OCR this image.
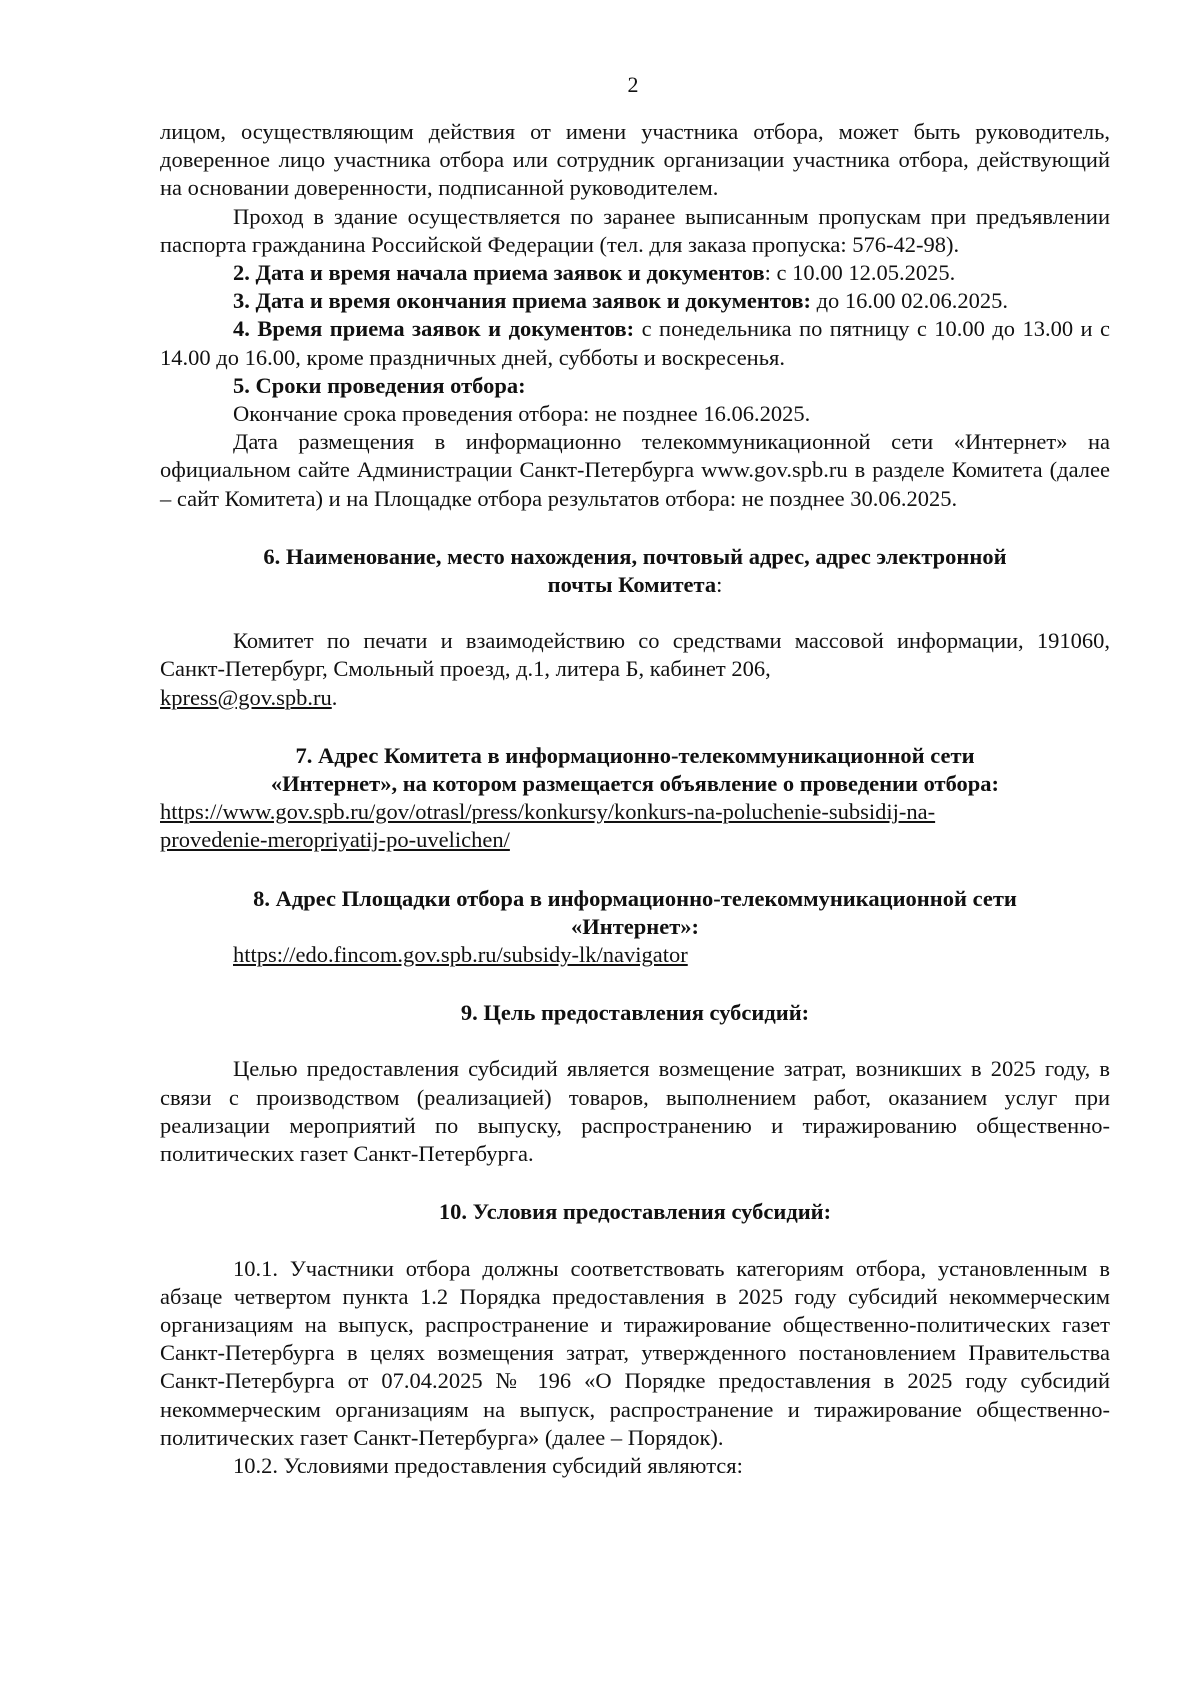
2

лицом, осуществляющим действия от имени участника отбора, может быть руководитель, доверенное лицо участника отбора или сотрудник организации участника отбора, действующий на основании доверенности, подписанной руководителем.

Проход в здание осуществляется по заранее выписанным пропускам при предъявлении паспорта гражданина Российской Федерации (тел. для заказа пропуска: 576-42-98).

2. Дата и время начала приема заявок и документов: с 10.00 12.05.2025.

3. Дата и время окончания приема заявок и документов: до 16.00 02.06.2025.

4. Время приема заявок и документов: с понедельника по пятницу с 10.00 до 13.00 и с 14.00 до 16.00, кроме праздничных дней, субботы и воскресенья.

5. Сроки проведения отбора:

Окончание срока проведения отбора: не позднее 16.06.2025.

Дата размещения в информационно телекоммуникационной сети «Интернет» на официальном сайте Администрации Санкт-Петербурга www.gov.spb.ru в разделе Комитета (далее – сайт Комитета) и на Площадке отбора результатов отбора: не позднее 30.06.2025.

6. Наименование, место нахождения, почтовый адрес, адрес электронной
почты Комитета:

Комитет по печати и взаимодействию со средствами массовой информации, 191060, Санкт-Петербург, Смольный проезд, д.1, литера Б, кабинет 206,
kpress@gov.spb.ru.

7. Адрес Комитета в информационно-телекоммуникационной сети
«Интернет», на котором размещается объявление о проведении отбора:

https://www.gov.spb.ru/gov/otrasl/press/konkursy/konkurs-na-poluchenie-subsidij-na-
provedenie-meropriyatij-po-uvelichen/

8. Адрес Площадки отбора в информационно-телекоммуникационной сети
«Интернет»:

https://edo.fincom.gov.spb.ru/subsidy-lk/navigator

9. Цель предоставления субсидий:

Целью предоставления субсидий является возмещение затрат, возникших в 2025 году, в связи с производством (реализацией) товаров, выполнением работ, оказанием услуг при реализации мероприятий по выпуску, распространению и тиражированию общественно-политических газет Санкт-Петербурга.

10. Условия предоставления субсидий:

10.1. Участники отбора должны соответствовать категориям отбора, установленным в абзаце четвертом пункта 1.2 Порядка предоставления в 2025 году субсидий некоммерческим организациям на выпуск, распространение и тиражирование общественно-политических газет Санкт-Петербурга в целях возмещения затрат, утвержденного постановлением Правительства Санкт-Петербурга от 07.04.2025 № 196 «О Порядке предоставления в 2025 году субсидий некоммерческим организациям на выпуск, распространение и тиражирование общественно-политических газет Санкт-Петербурга» (далее – Порядок).

10.2. Условиями предоставления субсидий являются:
